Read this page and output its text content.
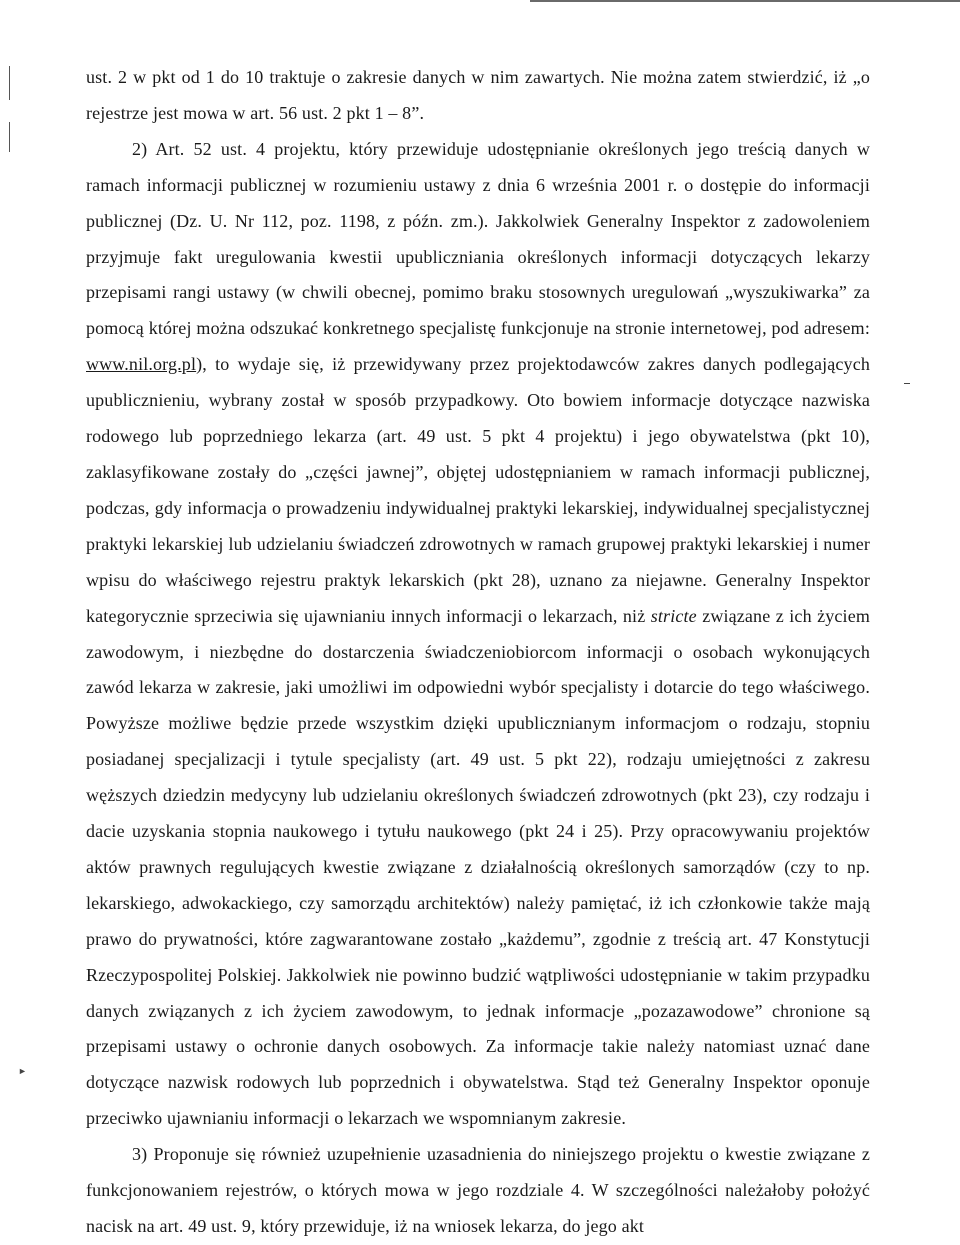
►

ust. 2 w pkt od 1 do 10 traktuje o zakresie danych w nim zawartych. Nie można zatem stwierdzić, iż „o rejestrze jest mowa w art. 56 ust. 2 pkt 1 – 8”.

2) Art. 52 ust. 4 projektu, który przewiduje udostępnianie określonych jego treścią danych w ramach informacji publicznej w rozumieniu ustawy z dnia 6 września 2001 r. o dostępie do informacji publicznej (Dz. U. Nr 112, poz. 1198, z późn. zm.). Jakkolwiek Generalny Inspektor z zadowoleniem przyjmuje fakt uregulowania kwestii upubliczniania określonych informacji dotyczących lekarzy przepisami rangi ustawy (w chwili obecnej, pomimo braku stosownych uregulowań „wyszukiwarka” za pomocą której można odszukać konkretnego specjalistę funkcjonuje na stronie internetowej, pod adresem: www.nil.org.pl), to wydaje się, iż przewidywany przez projektodawców zakres danych podlegających upublicznieniu, wybrany został w sposób przypadkowy. Oto bowiem informacje dotyczące nazwiska rodowego lub poprzedniego lekarza (art. 49 ust. 5 pkt 4 projektu) i jego obywatelstwa (pkt 10), zaklasyfikowane zostały do „części jawnej”, objętej udostępnianiem w ramach informacji publicznej, podczas, gdy informacja o prowadzeniu indywidualnej praktyki lekarskiej, indywidualnej specjalistycznej praktyki lekarskiej lub udzielaniu świadczeń zdrowotnych w ramach grupowej praktyki lekarskiej i numer wpisu do właściwego rejestru praktyk lekarskich (pkt 28), uznano za niejawne. Generalny Inspektor kategorycznie sprzeciwia się ujawnianiu innych informacji o lekarzach, niż stricte związane z ich życiem zawodowym, i niezbędne do dostarczenia świadczeniobiorcom informacji o osobach wykonujących zawód lekarza w zakresie, jaki umożliwi im odpowiedni wybór specjalisty i dotarcie do tego właściwego. Powyższe możliwe będzie przede wszystkim dzięki upublicznianym informacjom o rodzaju, stopniu posiadanej specjalizacji i tytule specjalisty (art. 49 ust. 5 pkt 22), rodzaju umiejętności z zakresu węższych dziedzin medycyny lub udzielaniu określonych świadczeń zdrowotnych (pkt 23), czy rodzaju i dacie uzyskania stopnia naukowego i tytułu naukowego (pkt 24 i 25). Przy opracowywaniu projektów aktów prawnych regulujących kwestie związane z działalnością określonych samorządów (czy to np. lekarskiego, adwokackiego, czy samorządu architektów) należy pamiętać, iż ich członkowie także mają prawo do prywatności, które zagwarantowane zostało „każdemu”, zgodnie z treścią art. 47 Konstytucji Rzeczypospolitej Polskiej. Jakkolwiek nie powinno budzić wątpliwości udostępnianie w takim przypadku danych związanych z ich życiem zawodowym, to jednak informacje „pozazawodowe” chronione są przepisami ustawy o ochronie danych osobowych. Za informacje takie należy natomiast uznać dane dotyczące nazwisk rodowych lub poprzednich i obywatelstwa. Stąd też Generalny Inspektor oponuje przeciwko ujawnianiu informacji o lekarzach we wspomnianym zakresie.

3) Proponuje się również uzupełnienie uzasadnienia do niniejszego projektu o kwestie związane z funkcjonowaniem rejestrów, o których mowa w jego rozdziale 4. W szczególności należałoby położyć nacisk na art. 49 ust. 9, który przewiduje, iż na wniosek lekarza, do jego akt
